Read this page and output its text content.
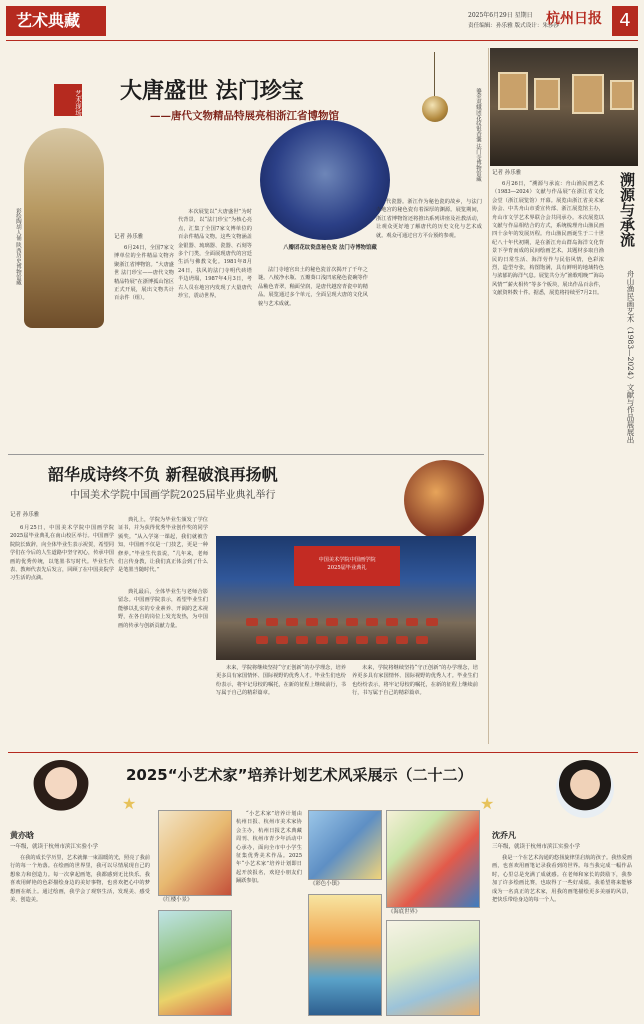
艺术典藏	2025年6月29日 星期日
责任编辑：孙乐雅 版式设计：朱莎莎
杭州日报 4
艺术现场 大唐盛世 法门珍宝
——唐代文物精品特展亮相浙江省博物馆
彩绘陶胡人俑 陕西历史博物馆藏
鎏金双蛾团花纹银香囊 法门寺博物馆藏
八瓣团花纹瓷盘秘色瓷 法门寺博物馆藏
记者 孙乐雅

6月24日，全国7家文博单位的全件精品文物齐聚浙江省博物馆。“大唐盛世 法门珍宝——唐代文物精品特展”在浙博孤山馆区正式开展，展出文物共计百余件（组）。

本次展览以“大唐盛世”为时代背景，以“法门珍宝”为核心亮点，汇集了全国7家文博单位的百余件精品文物。这些文物涵盖金银器、琉璃器、瓷器、石刻等多个门类，全面展现唐代的宫廷生活与佛教文化。1981年8月24日，扶风的法门寺明代砖塔半边坍塌，1987年4月3日，考古人员在地宫内发现了大量唐代珍宝，震动世界。

法门寺地宫出土的秘色瓷首次揭开了千年之谜。八棱净水瓶、五瓣葵口浅凹底秘色瓷碗等作品釉色青翠，釉面莹润，是唐代越窑青瓷中的精品。展览通过多个单元，全面呈现大唐的文化风貌与艺术成就。

代瓷器。浙江作为秘色瓷的故乡，与法门寺地宫的秘色瓷有着深厚的渊源。展览期间，浙江省博物馆还将推出系列讲座及社教活动，让观众更好地了解唐代的历史文化与艺术成就。观众可通过官方平台预约参观。

记者 孙乐雅

6月26日，“溯源与承流：舟山渔民画艺术（1983—2024）文献与作品展”在浙江省文化会堂（浙江展览馆）开幕。展览由浙江省美术家协会、中共舟山市委宣传部、浙江展览馆主办，舟山市文学艺术界联合会共同承办。本次展览以文献与作品相结合的方式，系统梳理舟山渔民画四十余年的发展历程。舟山渔民画诞生于二十世纪八十年代初期，是在浙江舟山群岛海洋文化背景下孕育而成的民间绘画艺术。其题材多取自渔民的日常生活、海洋劳作与民俗风情，色彩浓烈，造型夸张，构图饱满，具有鲜明的地域特色与浓郁的海洋气息。展览共分为“渔歌唱晚”“海岛风情”“薪火相传”等多个板块，展出作品百余件，文献资料数十件。据悉，展览将持续至7月2日。

溯源与承流
舟山渔民画艺术（1983—2024）文献与作品展展出
韶华成诗终不负 新程破浪再扬帆
中国美术学院中国画学院2025届毕业典礼举行
记者 孙乐雅

6月25日，中国美术学院中国画学院2025届毕业典礼在南山校区举行。中国画学院院长致辞，向全体毕业生表示祝贺，希望同学们在今后的人生道路中坚守初心，传承中国画的优秀传统，以笔墨书写时代。毕业生代表、教师代表先后发言，回顾了在中国美院学习生活的点滴。

典礼上，学院为毕业生颁发了学位证书，并为获得优秀毕业创作奖的同学颁奖。“从入学第一课起，我们就被告知，中国画不仅是一门技艺，更是一种修养。”毕业生代表说，“几年来，老师们言传身教，让我们真正体会到了什么是笔墨当随时代。”

中国美术学院中国画学院
2025届毕业典礼

典礼最后，全体毕业生与老师合影留念。中国画学院表示，希望毕业生们能够以扎实的专业素养、开阔的艺术视野，在各自的岗位上发光发热，为中国画的传承与创新贡献力量。

未来，学院将继续坚持“守正创新”的办学理念，培养更多具有家国情怀、国际视野的优秀人才。毕业生们也纷纷表示，将牢记母校的嘱托，在新的征程上继续前行，书写属于自己的精彩篇章。

未来，学院将继续坚持“守正创新”的办学理念，培养更多具有家国情怀、国际视野的优秀人才。毕业生们也纷纷表示，将牢记母校的嘱托，在新的征程上继续前行，书写属于自己的精彩篇章。

2025“小艺术家”培养计划艺术风采展示（二十二）
★	★
黄亦晗
一年级，就读于杭州市滨江实验小学

在我的成长学历里，艺术就像一束温暖的光，照亮了我前行的每一个角落。在绘画的世界里，我可以尽情展现自己的想象力和创造力。每一次拿起画笔，我都感到无比快乐。我喜欢用鲜艳的色彩描绘身边的美好事物，也喜欢把心中的梦想画在纸上。通过绘画，我学会了观察生活，发现美、感受美、创造美。	《红楼小景》

“小艺术家”培养计划由杭州日报、杭州市美术家协会主办，杭州日报艺术典藏周刊、杭州市青少年活动中心承办，面向全市中小学生征集优秀美术作品。2025年“小艺术家”培养计划即日起开放报名，欢迎小朋友们踊跃参加。	《彩色小镇》
《海底世界》
沈乔凡
三年级，就读于杭州市滨江实验小学

我是一个在艺术沟通的悠扬旋律里启航的孩子。我热爱画画，也喜欢用画笔记录我看到的世界。每当我完成一幅作品时，心里总是充满了成就感。在老师和家长的鼓励下，我参加了许多绘画比赛，也取得了一些好成绩。我希望将来能够成为一名真正的艺术家，用我的画笔描绘更多美丽的风景，把快乐带给身边的每一个人。
